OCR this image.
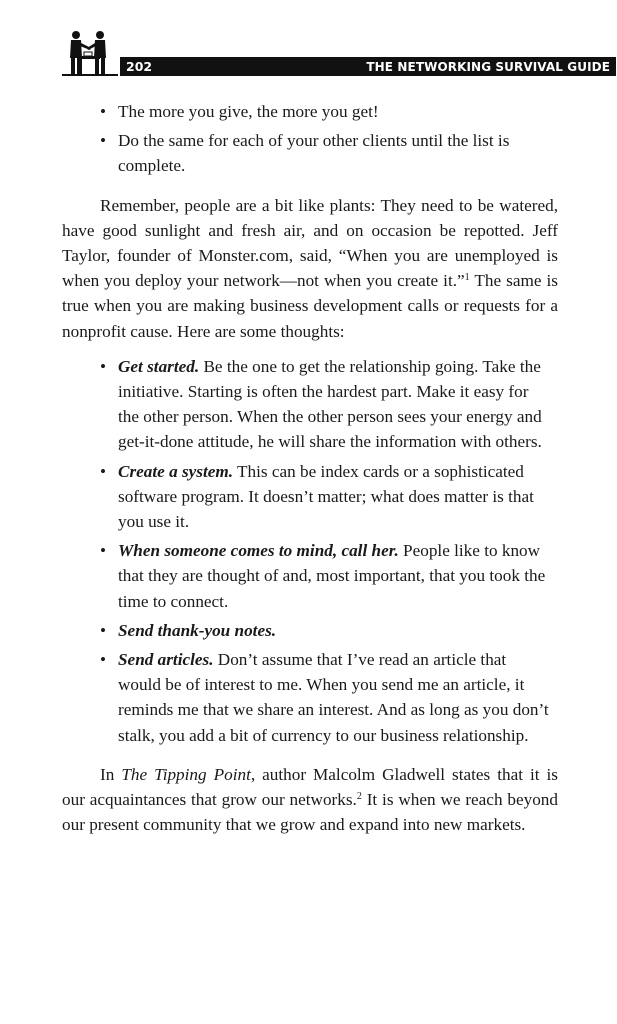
202	THE NETWORKING SURVIVAL GUIDE
• The more you give, the more you get!
• Do the same for each of your other clients until the list is complete.

Remember, people are a bit like plants: They need to be watered, have good sunlight and fresh air, and on occasion be repotted. Jeff Taylor, founder of Monster.com, said, “When you are unemployed is when you deploy your network—not when you create it.”$^1$ The same is true when you are making business development calls or requests for a nonprofit cause. Here are some thoughts:

• Get started. Be the one to get the relationship going. Take the initiative. Starting is often the hardest part. Make it easy for the other person. When the other person sees your energy and get-it-done attitude, he will share the information with others.
• Create a system. This can be index cards or a sophisticated software program. It doesn’t matter; what does matter is that you use it.
• When someone comes to mind, call her. People like to know that they are thought of and, most important, that you took the time to connect.
• Send thank-you notes.
• Send articles. Don’t assume that I’ve read an article that would be of interest to me. When you send me an article, it reminds me that we share an interest. And as long as you don’t stalk, you add a bit of currency to our business relationship.

In The Tipping Point, author Malcolm Gladwell states that it is our acquaintances that grow our networks.$^2$ It is when we reach beyond our present community that we grow and expand into new markets.
